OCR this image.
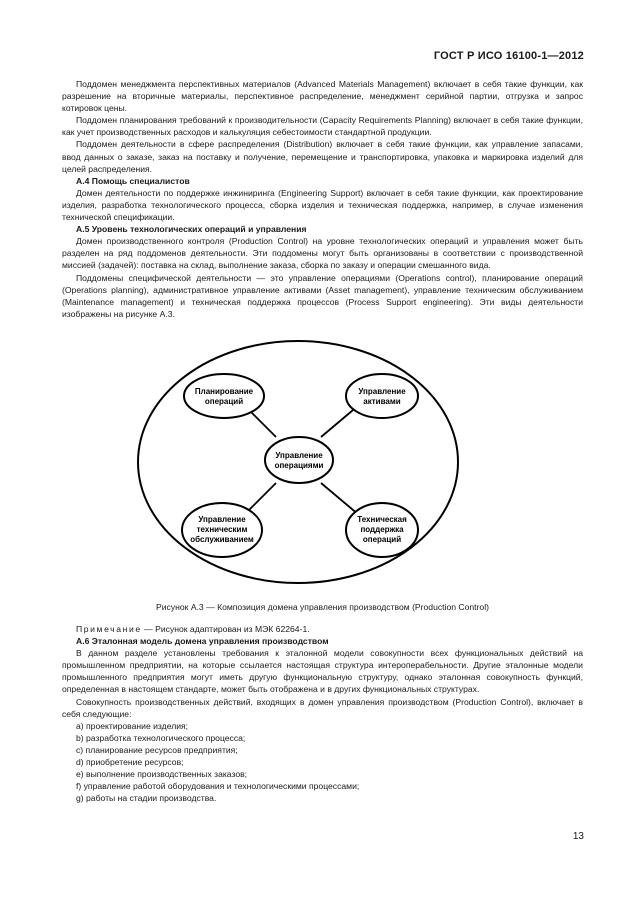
ГОСТ Р ИСО 16100-1—2012

Поддомен менеджмента перспективных материалов (Advanced Materials Management) включает в себя такие функции, как разрешение на вторичные материалы, перспективное распределение, менеджмент серийной партии, отгрузка и запрос котировок цены.

Поддомен планирования требований к производительности (Capacity Requirements Planning) включает в себя такие функции, как учет производственных расходов и калькуляция себестоимости стандартной продукции.

Поддомен деятельности в сфере распределения (Distribution) включает в себя такие функции, как управление запасами, ввод данных о заказе, заказ на поставку и получение, перемещение и транспортировка, упаковка и маркировка изделий для целей распределения.

А.4 Помощь специалистов

Домен деятельности по поддержке инжиниринга (Engineering Support) включает в себя такие функции, как проектирование изделия, разработка технологического процесса, сборка изделия и техническая поддержка, например, в случае изменения технической спецификации.

А.5 Уровень технологических операций и управления

Домен производственного контроля (Production Control) на уровне технологических операций и управления может быть разделен на ряд поддоменов деятельности. Эти поддомены могут быть организованы в соответствии с производственной миссией (задачей): поставка на склад, выполнение заказа, сборка по заказу и операции смешанного вида.

Поддомены специфической деятельности — это управление операциями (Operations control), планирование операций (Operations planning), административное управление активами (Asset management), управление техническим обслуживанием (Maintenance management) и техническая поддержка процессов (Process Support engineering). Эти виды деятельности изображены на рисунке А.3.

Управление
операциями
Планирование
операций
Управление
активами
Управление
техническим
обслуживанием
Техническая
поддержка
операций
Рисунок А.3 — Композиция домена управления производством (Production Control)
Примечание — Рисунок адаптирован из МЭК 62264-1.
А.6 Эталонная модель домена управления производством

В данном разделе установлены требования к эталонной модели совокупности всех функциональных действий на промышленном предприятии, на которые ссылается настоящая структура интероперабельности. Другие эталонные модели промышленного предприятия могут иметь другую функциональную структуру, однако эталонная совокупность функций, определенная в настоящем стандарте, может быть отображена и в других функциональных структурах.

Совокупность производственных действий, входящих в домен управления производством (Production Control), включает в себя следующие:

a) проектирование изделия;
b) разработка технологического процесса;
c) планирование ресурсов предприятия;
d) приобретение ресурсов;
e) выполнение производственных заказов;
f) управление работой оборудования и технологическими процессами;
g) работы на стадии производства.
13
